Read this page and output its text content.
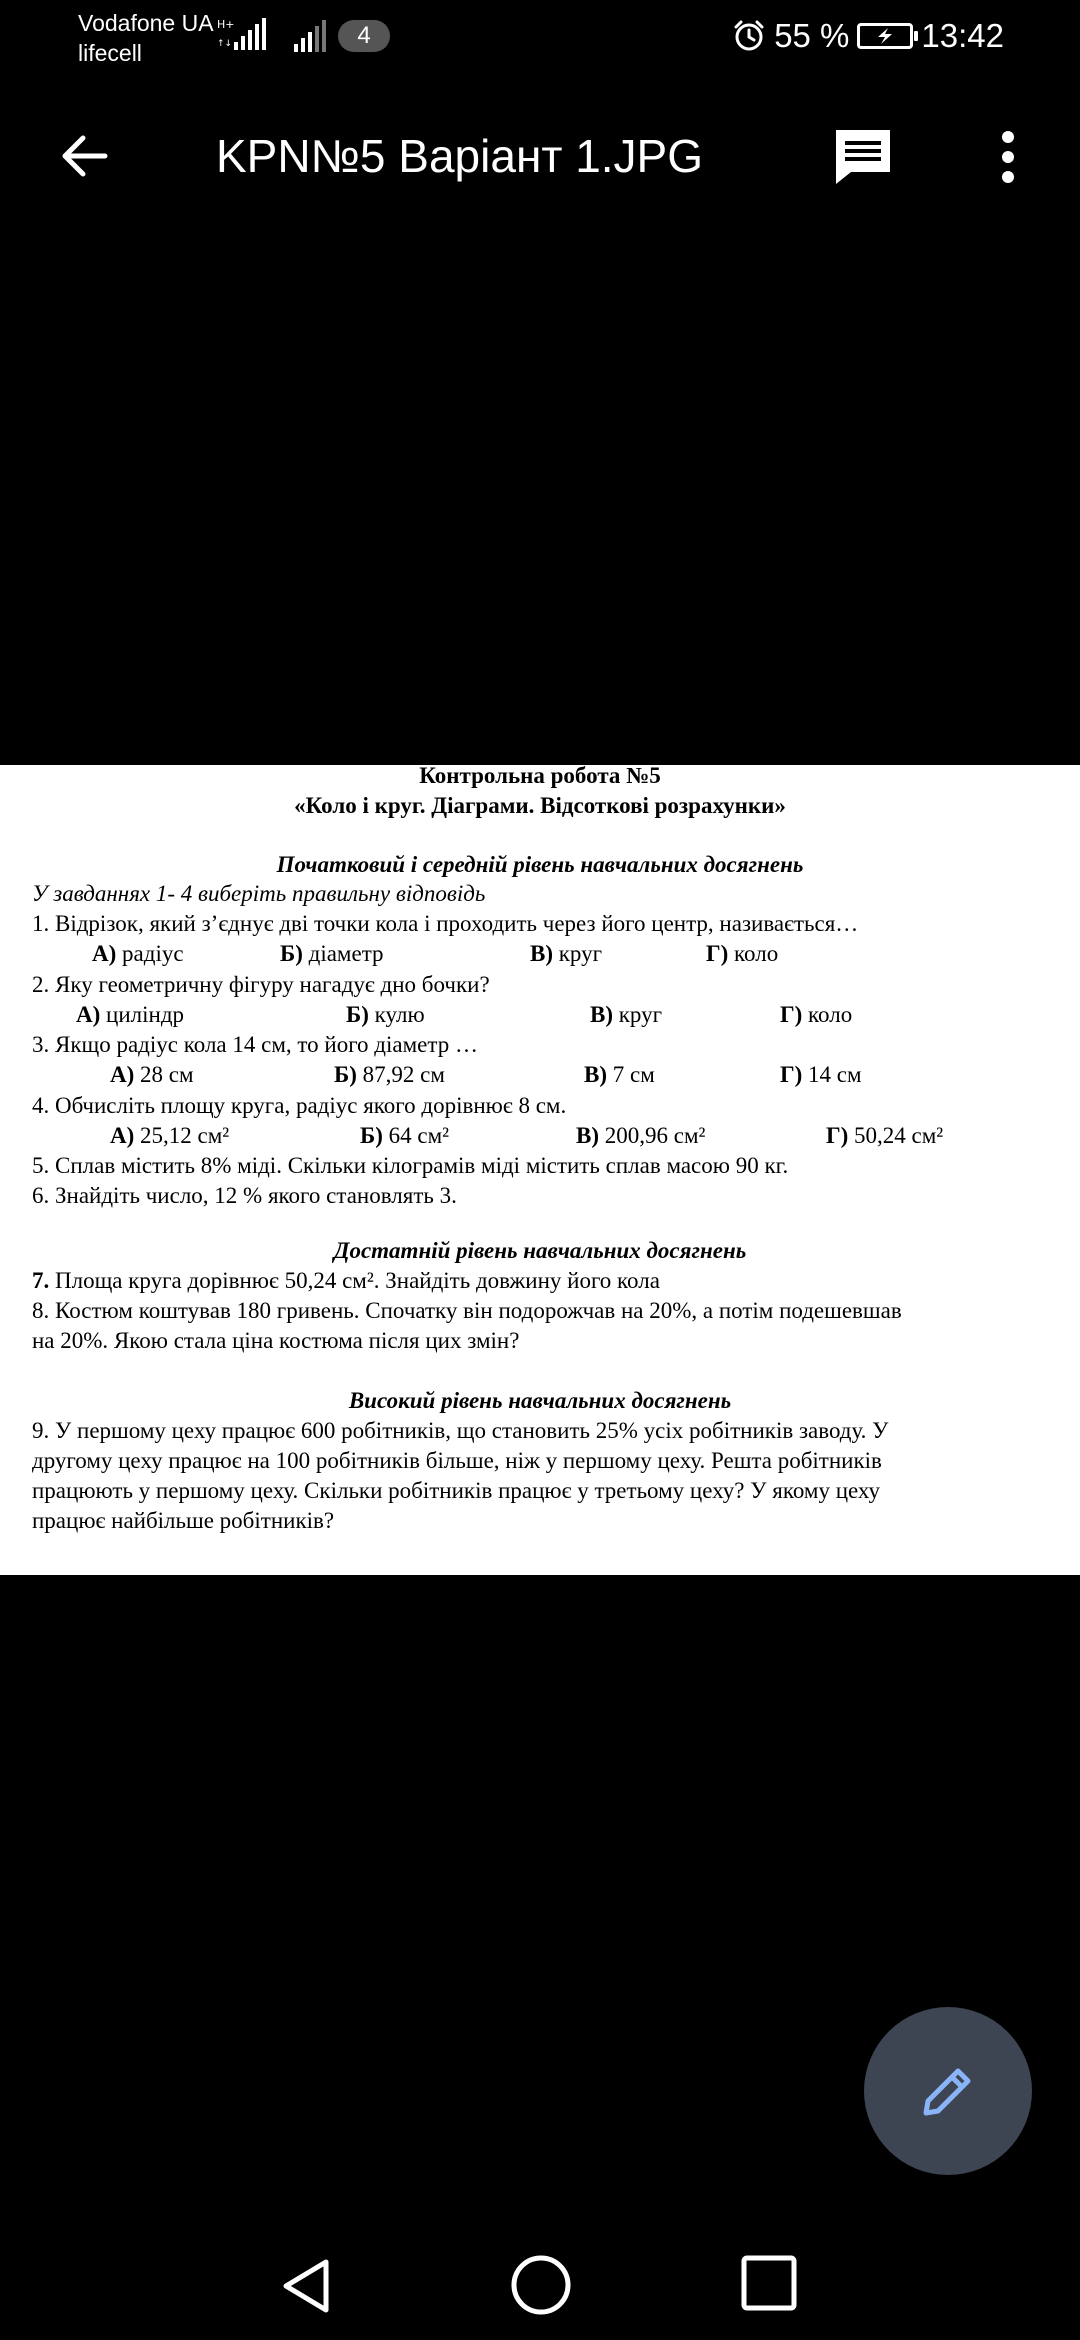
Vodafone UA
lifecell
H+
↑↓	4	55 % 13:42
KPN№5 Варіант 1.JPG
Контрольна робота №5
«Коло і круг. Діаграми. Відсоткові розрахунки»
Початковий і середній рівень навчальних досягнень
У завданнях 1- 4 виберіть правильну відповідь
1. Відрізок, який з’єднує дві точки кола і проходить через його центр, називається…
А) радіус	Б) діаметр	В) круг	Г) коло
2. Яку геометричну фігуру нагадує дно бочки?
А) циліндр	Б) кулю	В) круг	Г) коло
3. Якщо радіус кола 14 см, то його діаметр …
А) 28 см	Б) 87,92 см	В) 7 см	Г) 14 см
4. Обчисліть площу круга, радіус якого дорівнює 8 см.
А) 25,12 см²	Б) 64 см²	В) 200,96 см²	Г) 50,24 см²
5. Сплав містить 8% міді. Скільки кілограмів міді містить сплав масою 90 кг.
6. Знайдіть число, 12 % якого становлять 3.
Достатній рівень навчальних досягнень
7. Площа круга дорівнює 50,24 см². Знайдіть довжину його кола
8. Костюм коштував 180 гривень. Спочатку він подорожчав на 20%, а потім подешевшав
на 20%. Якою стала ціна костюма після цих змін?
Високий рівень навчальних досягнень
9. У першому цеху працює 600 робітників, що становить 25% усіх робітників заводу. У
другому цеху працює на 100 робітників більше, ніж у першому цеху. Решта робітників
працюють у першому цеху. Скільки робітників працює у третьому цеху? У якому цеху
працює найбільше робітників?
